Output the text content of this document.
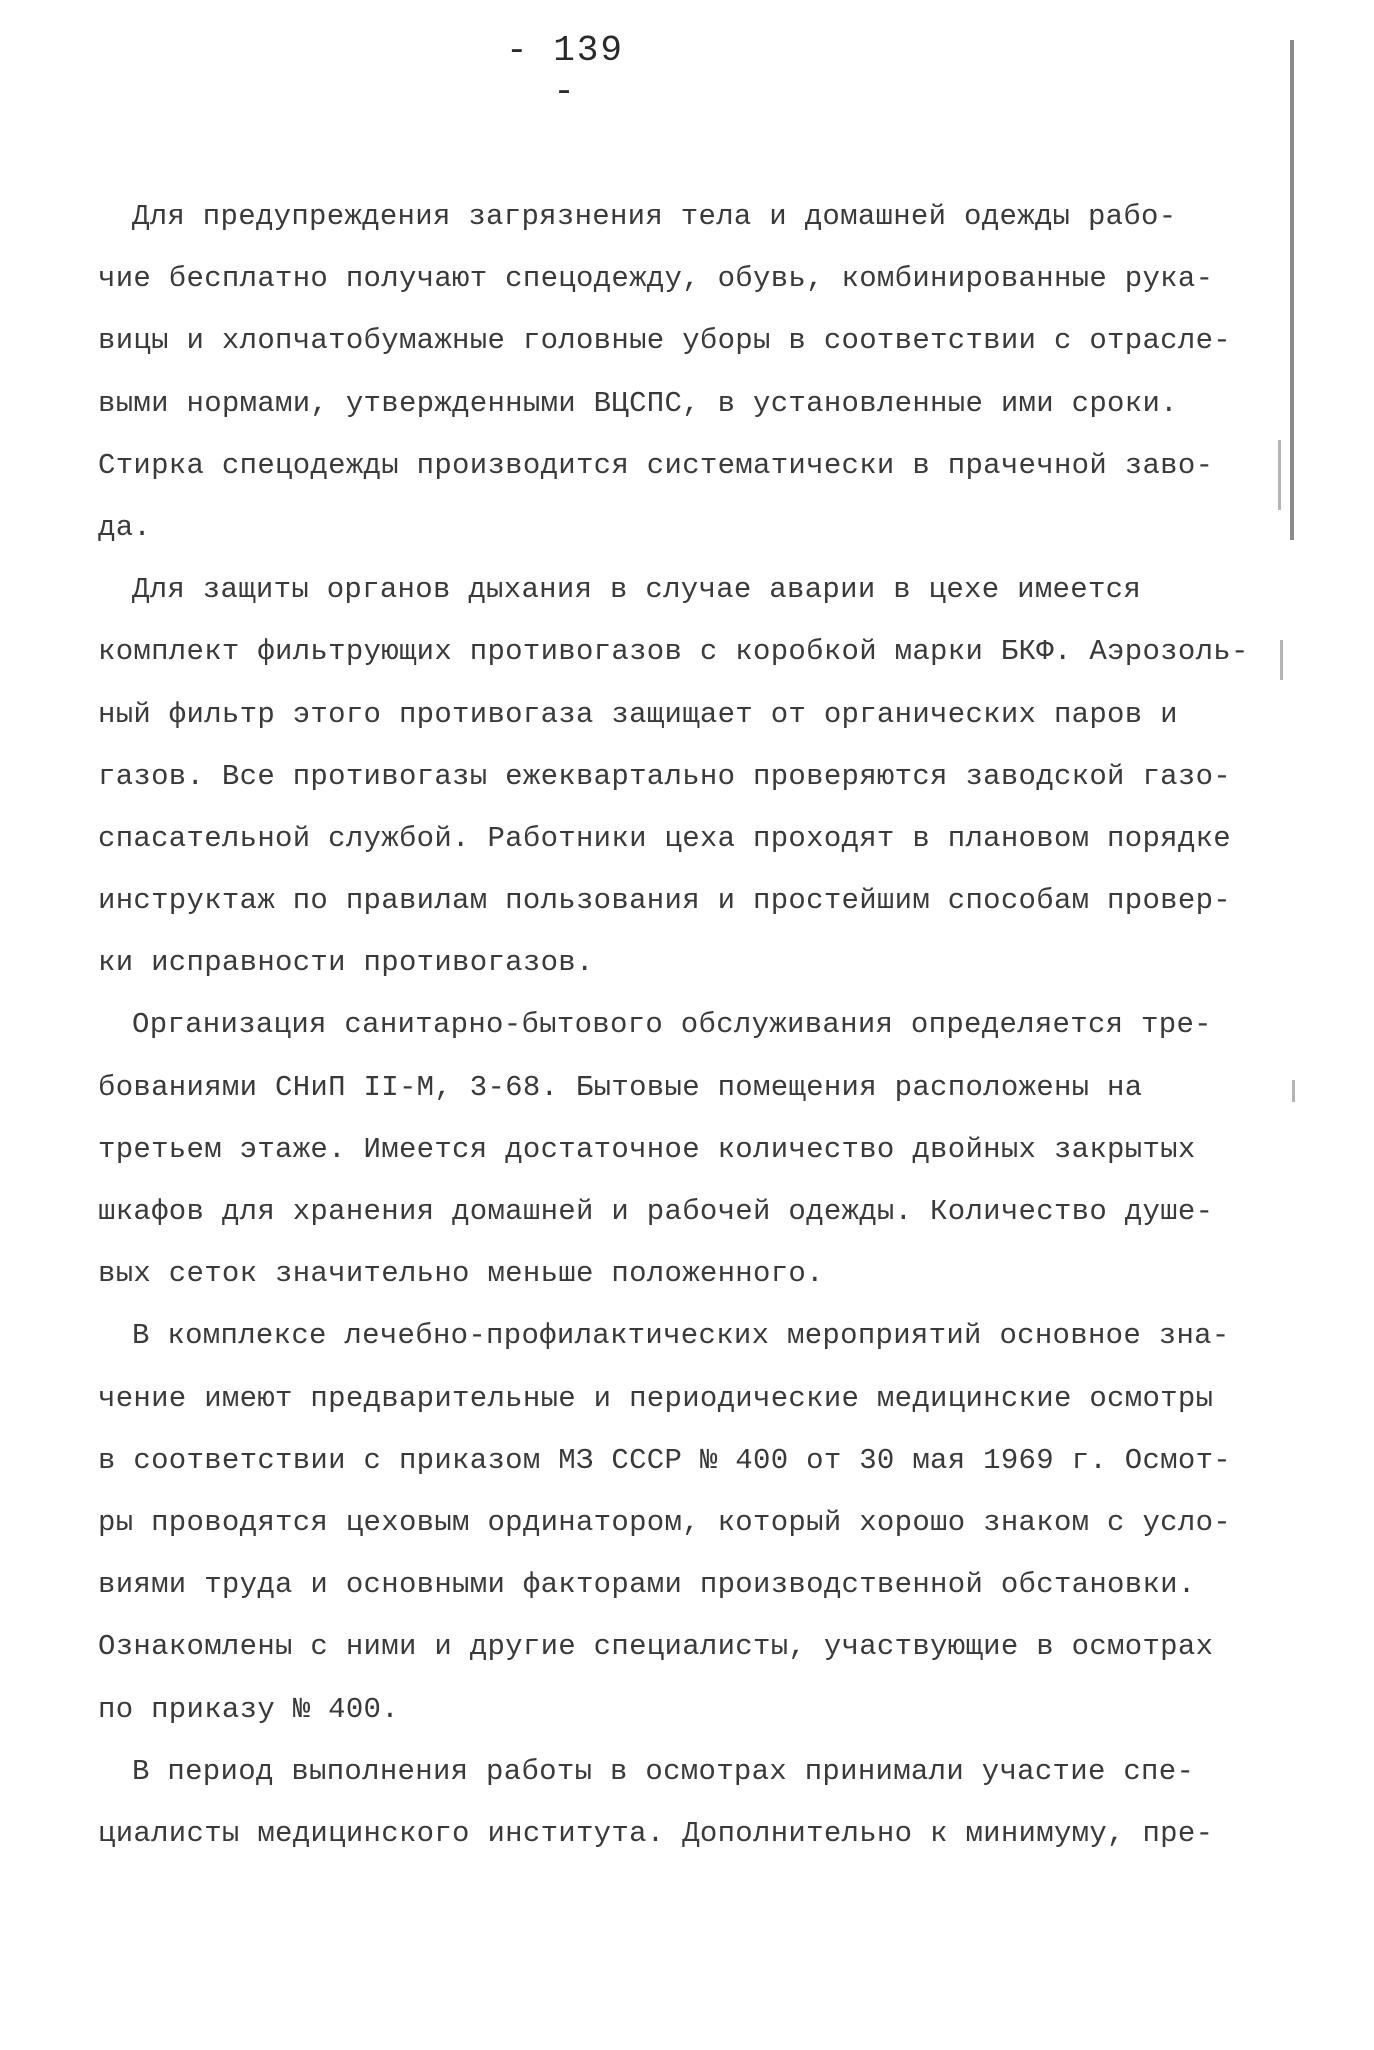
- 139 -
Для предупреждения загрязнения тела и домашней одежды рабо-
чие бесплатно получают спецодежду, обувь, комбинированные рука-
вицы и хлопчатобумажные головные уборы в соответствии с отрасле-
выми нормами, утвержденными ВЦСПС, в установленные ими сроки.
Стирка спецодежды производится систематически в прачечной заво-
да.
Для защиты органов дыхания в случае аварии в цехе имеется
комплект фильтрующих противогазов с коробкой марки БКФ. Аэрозоль-
ный фильтр этого противогаза защищает от органических паров и
газов. Все противогазы ежеквартально проверяются заводской газо-
спасательной службой. Работники цеха проходят в плановом порядке
инструктаж по правилам пользования и простейшим способам провер-
ки исправности противогазов.
Организация санитарно-бытового обслуживания определяется тре-
бованиями СНиП II-М, 3-68. Бытовые помещения расположены на
третьем этаже. Имеется достаточное количество двойных закрытых
шкафов для хранения домашней и рабочей одежды. Количество душе-
вых сеток значительно меньше положенного.
В комплексе лечебно-профилактических мероприятий основное зна-
чение имеют предварительные и периодические медицинские осмотры
в соответствии с приказом МЗ СССР № 400 от 30 мая 1969 г. Осмот-
ры проводятся цеховым ординатором, который хорошо знаком с усло-
виями труда и основными факторами производственной обстановки.
Ознакомлены с ними и другие специалисты, участвующие в осмотрах
по приказу № 400.
В период выполнения работы в осмотрах принимали участие спе-
циалисты медицинского института. Дополнительно к минимуму, пре-
